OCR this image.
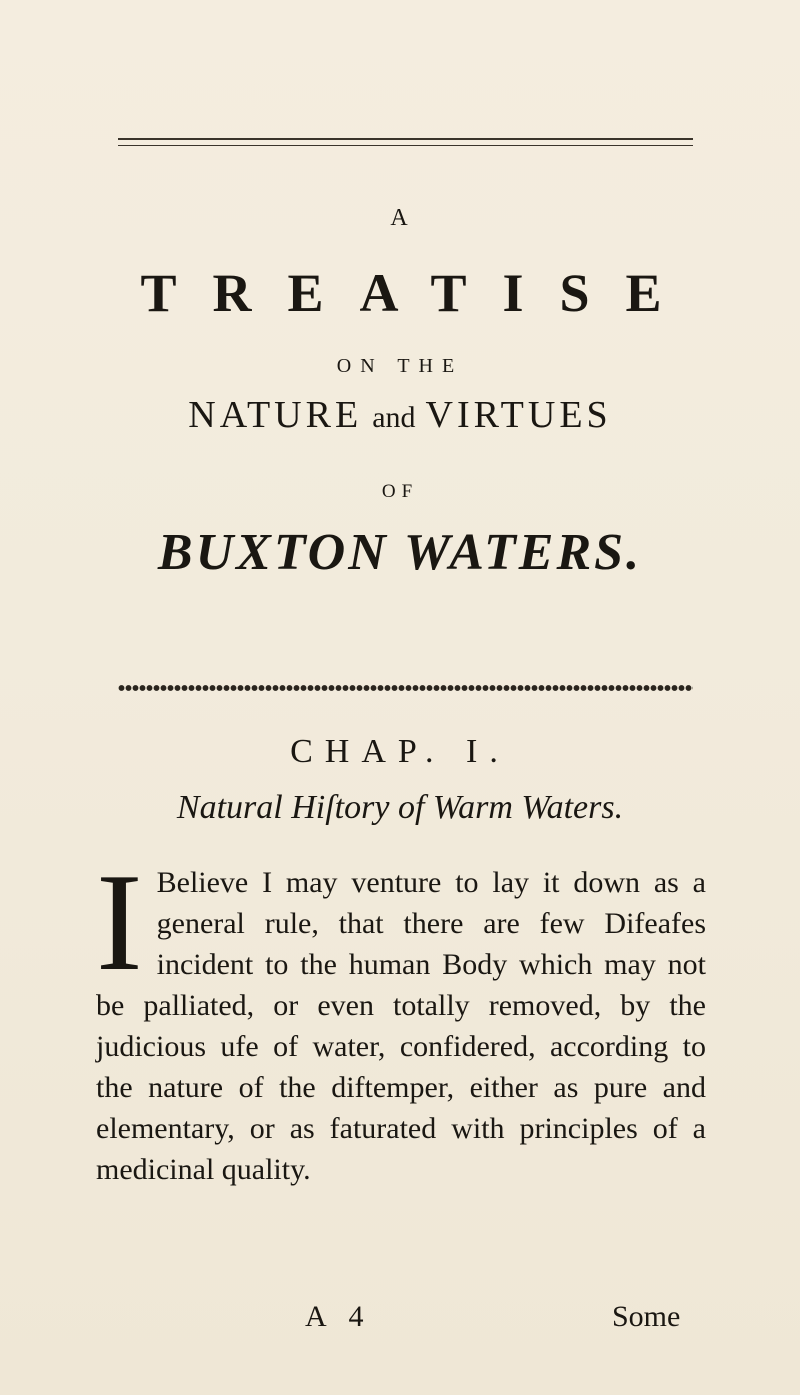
A
TREATISE
ON THE
NATURE and VIRTUES
OF
BUXTON WATERS.
CHAP. I.
Natural Hiſtory of Warm Waters.
I Believe I may venture to lay it down as a general rule, that there are few Difeafes incident to the human Body which may not be palliated, or even totally removed, by the judicious ufe of water, confidered, according to the nature of the diftemper, either as pure and elementary, or as faturated with principles of a medicinal quality.
A 4	Some
